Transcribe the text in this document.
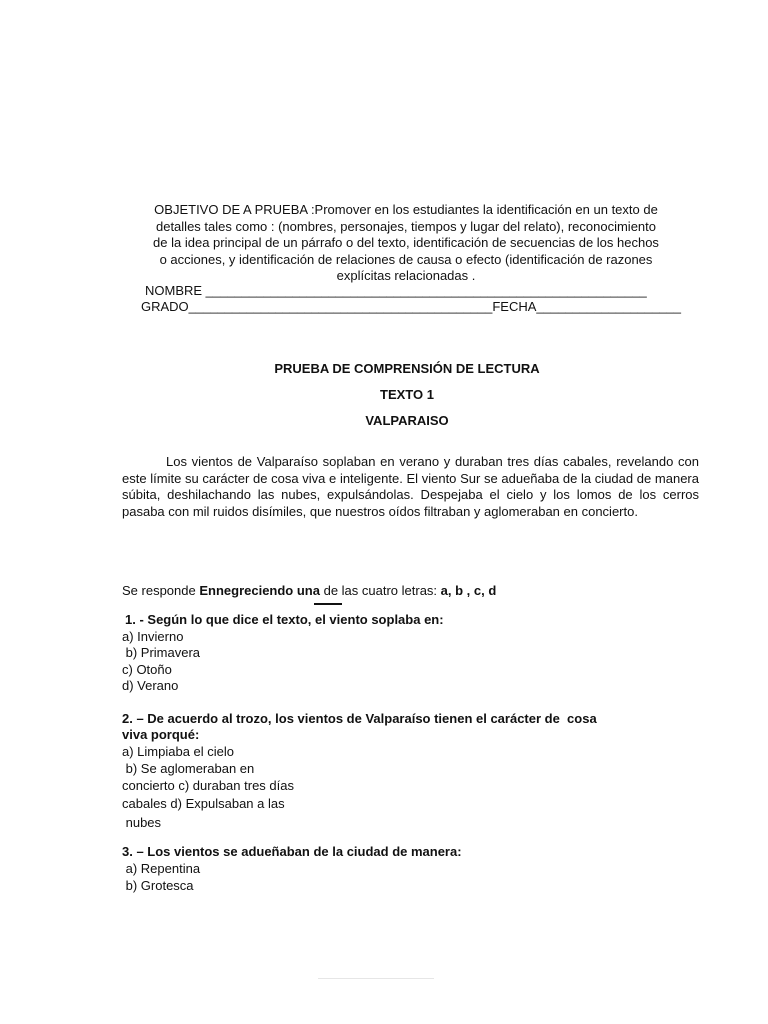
OBJETIVO DE A PRUEBA :Promover en los estudiantes la identificación en un texto de
detalles tales como : (nombres, personajes, tiempos y lugar del relato), reconocimiento
de la idea principal de un párrafo o del texto, identificación de secuencias de los hechos
o acciones, y identificación de relaciones de causa o efecto (identificación de razones
explícitas relacionadas .
NOMBRE _____________________________________________________________
GRADO__________________________________________FECHA____________________
PRUEBA DE COMPRENSIÓN DE LECTURA
TEXTO 1
VALPARAISO
Los vientos de Valparaíso soplaban en verano y duraban tres días cabales, revelando con este límite su carácter de cosa viva e inteligente. El viento Sur se adueñaba de la ciudad de manera súbita, deshilachando las nubes, expulsándolas. Despejaba el cielo y los lomos de los cerros pasaba con mil ruidos disímiles, que nuestros oídos filtraban y aglomeraban en concierto.
Se responde Ennegreciendo una de las cuatro letras: a, b , c, d
1. - Según lo que dice el texto, el viento soplaba en:
a) Invierno
b) Primavera
c) Otoño
d) Verano
2. – De acuerdo al trozo, los vientos de Valparaíso tienen el carácter de  cosa
viva porqué:
a) Limpiaba el cielo
b) Se aglomeraban en
concierto c) duraban tres días
cabales d) Expulsaban a las
nubes
3. – Los vientos se adueñaban de la ciudad de manera:
a) Repentina
b) Grotesca
